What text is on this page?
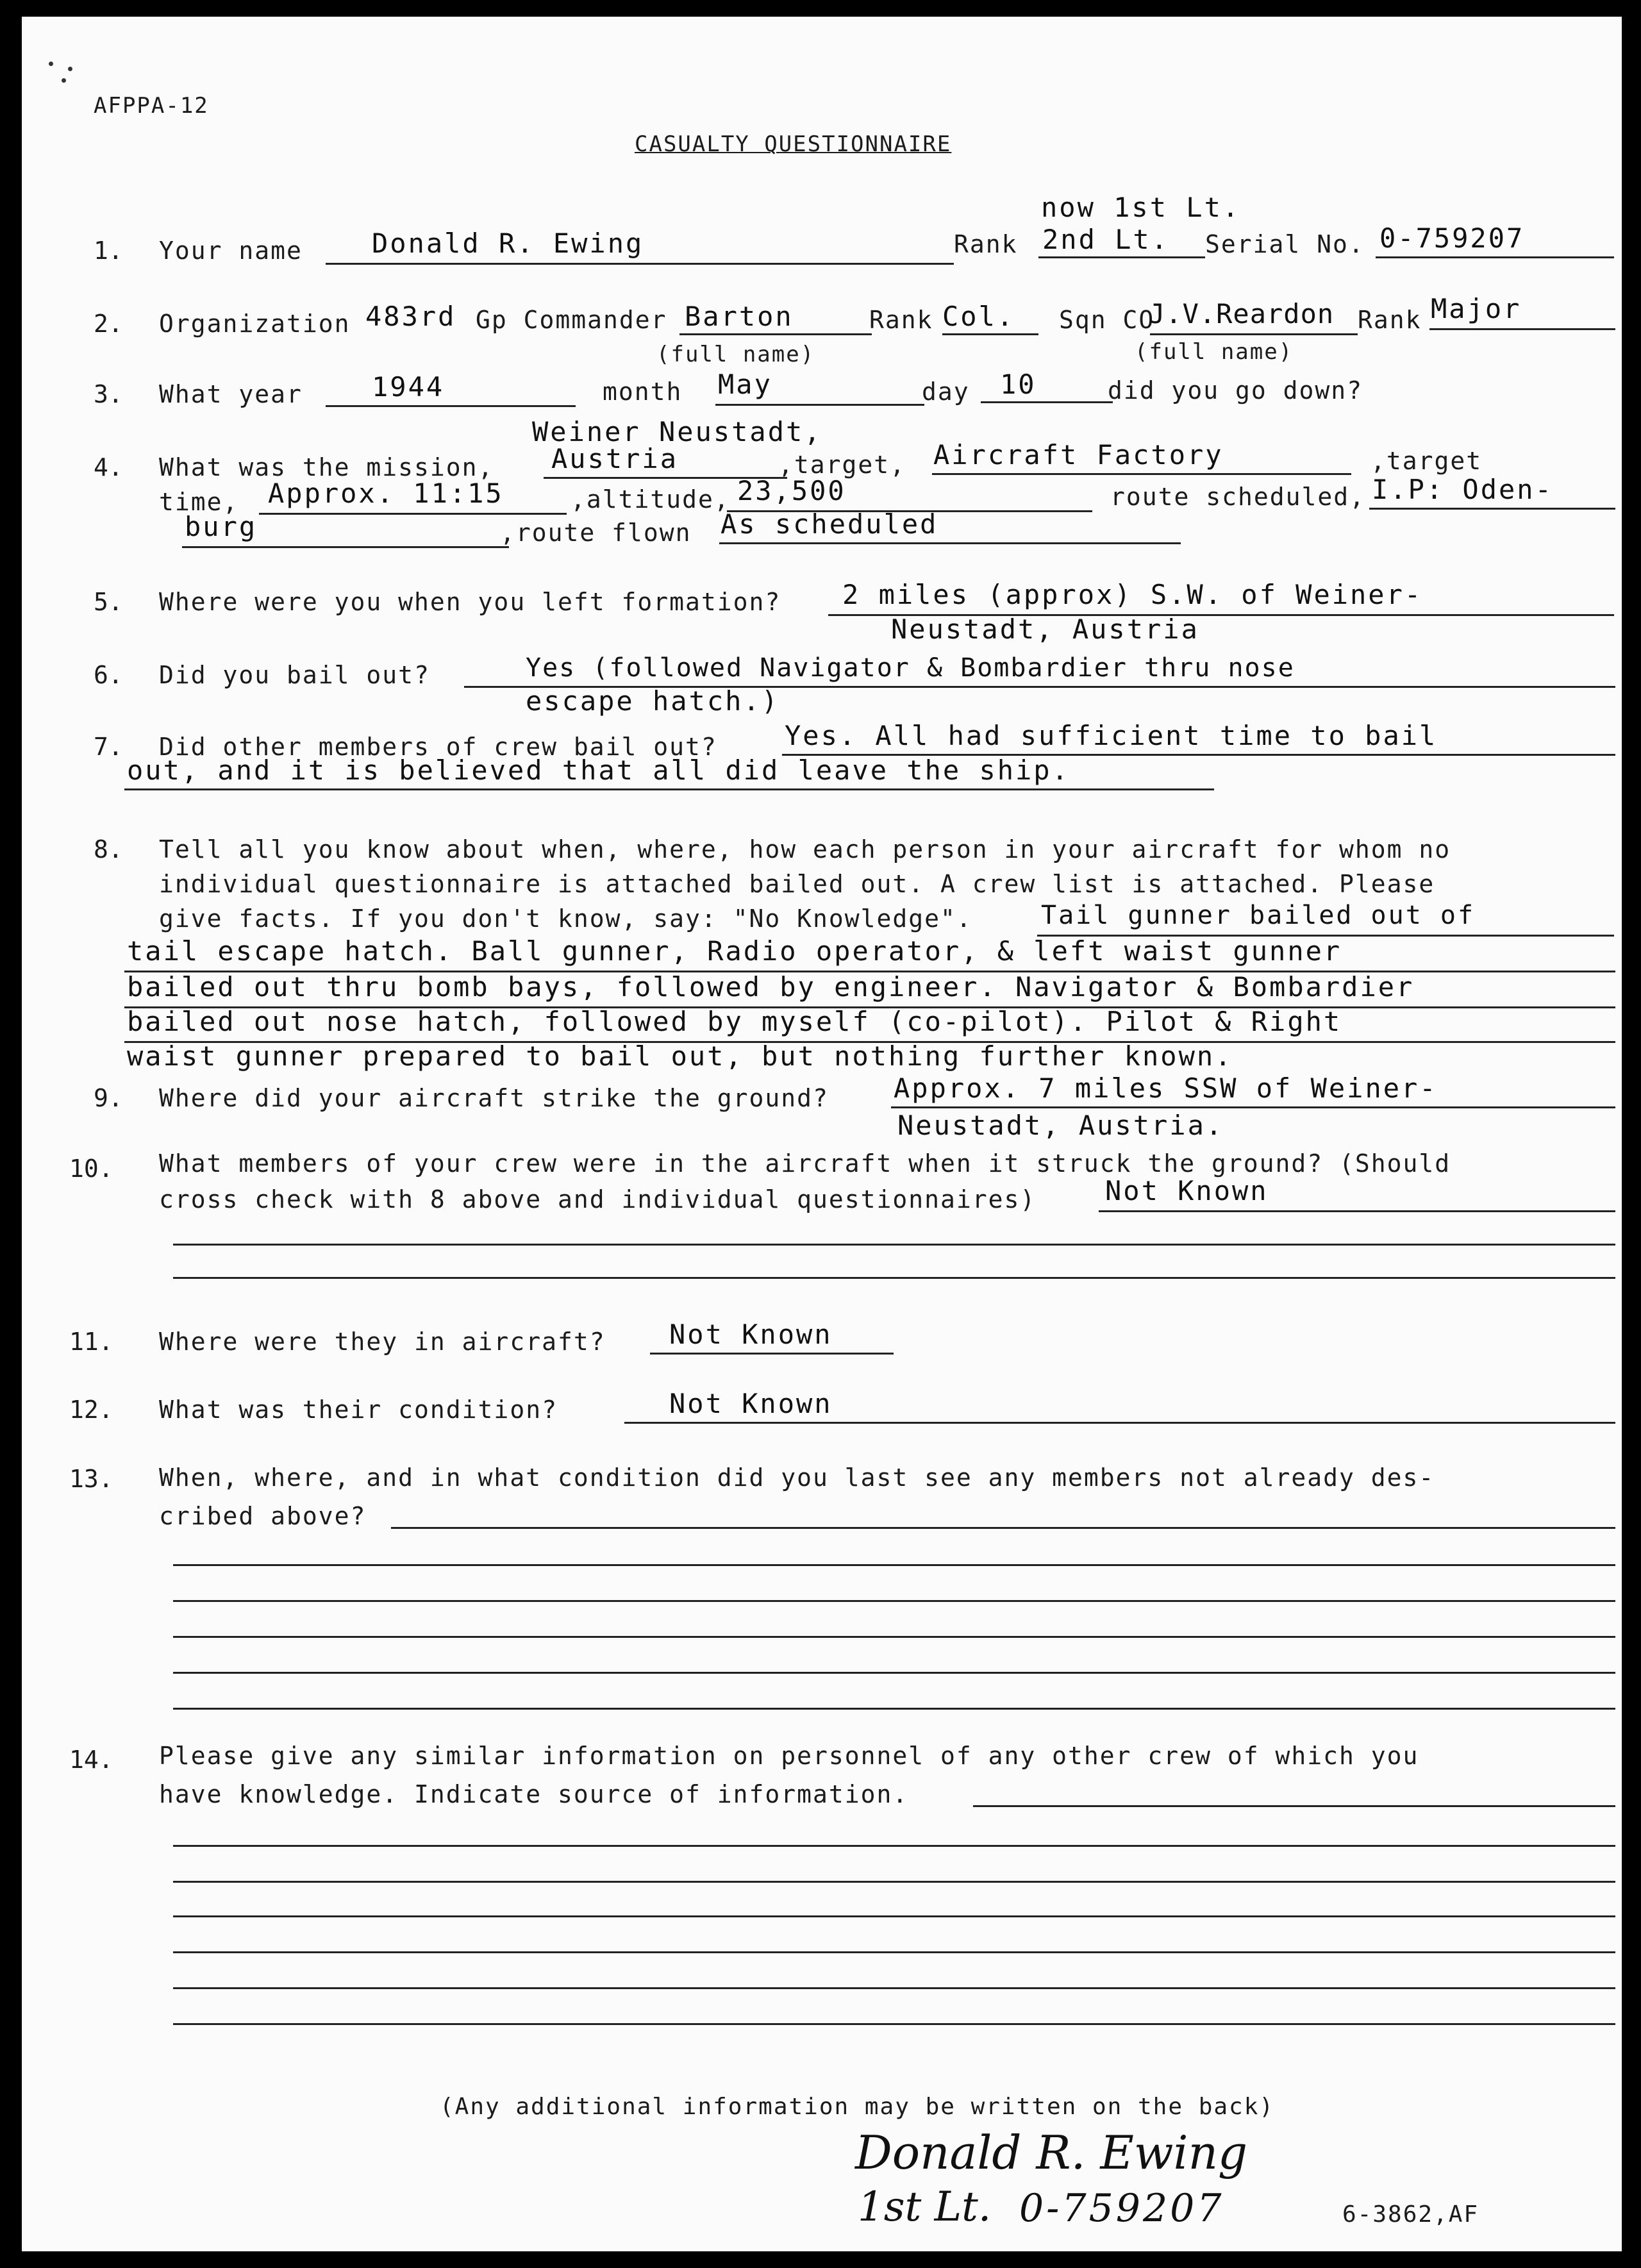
AFPPA-12
CASUALTY QUESTIONNAIRE
1. Your name	Donald R. Ewing	Rank
now 1st Lt.
2nd Lt. Serial No. 0-759207
2. Organization 483rd Gp Commander Barton
(full name)
Rank Col. Sqn CO
J.V.Reardon
(full name)
Rank Major
3. What year	1944	month May	day 10	did you go down?
4.
Weiner Neustadt,
What was the mission, Austria	,target, Aircraft Factory	,target
time, Approx. 11:15	,altitude, 23,500	route scheduled, I.P: Oden-
burg	,route flown As scheduled
5. Where were you when you left formation? 2 miles (approx) S.W. of Weiner-
Neustadt, Austria
6. Did you bail out?	Yes (followed Navigator & Bombardier thru nose
escape hatch.)
7. Did other members of crew bail out?	Yes. All had sufficient time to bail
out, and it is believed that all did leave the ship.
8. Tell all you know about when, where, how each person in your aircraft for whom no
individual questionnaire is attached bailed out. A crew list is attached. Please
give facts. If you don't know, say: "No Knowledge".	Tail gunner bailed out of
tail escape hatch. Ball gunner, Radio operator, & left waist gunner
bailed out thru bomb bays, followed by engineer. Navigator & Bombardier
bailed out nose hatch, followed by myself (co-pilot). Pilot & Right
waist gunner prepared to bail out, but nothing further known.
9. Where did your aircraft strike the ground? Approx. 7 miles SSW of Weiner-
Neustadt, Austria.
10. What members of your crew were in the aircraft when it struck the ground? (Should
cross check with 8 above and individual questionnaires)	Not Known
11. Where were they in aircraft? Not Known
12. What was their condition?	Not Known
13. When, where, and in what condition did you last see any members not already des-
cribed above?
14. Please give any similar information on personnel of any other crew of which you
have knowledge. Indicate source of information.
(Any additional information may be written on the back)
Donald R. Ewing
1st Lt. 0-759207	6-3862,AF
